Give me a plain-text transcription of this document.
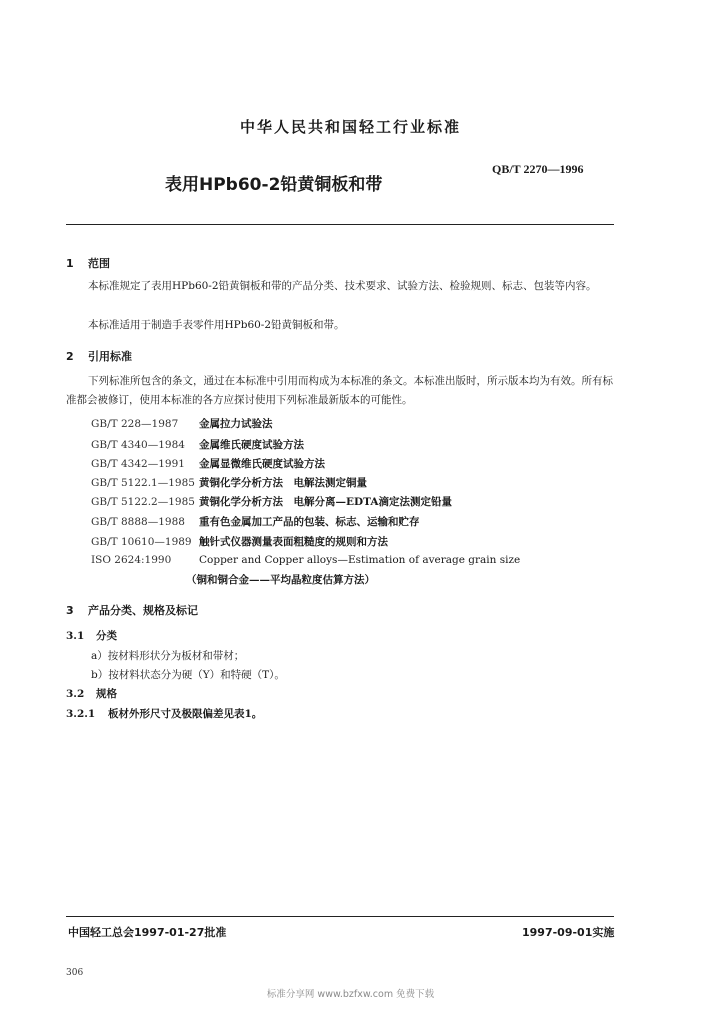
中华人民共和国轻工行业标准
表用HPb60-2铅黄铜板和带
QB/T 2270—1996
1 范围
本标准规定了表用HPb60-2铅黄铜板和带的产品分类、技术要求、试验方法、检验规则、标志、包装等内容。
本标准适用于制造手表零件用HPb60-2铅黄铜板和带。
2 引用标准
下列标准所包含的条文，通过在本标准中引用而构成为本标准的条文。本标准出版时，所示版本均为有效。所有标准都会被修订，使用本标准的各方应探讨使用下列标准最新版本的可能性。
GB/T 228—1987 金属拉力试验法
GB/T 4340—1984 金属维氏硬度试验方法
GB/T 4342—1991 金属显微维氏硬度试验方法
GB/T 5122.1—1985 黄铜化学分析方法　电解法测定铜量
GB/T 5122.2—1985 黄铜化学分析方法　电解分离—EDTA滴定法测定铅量
GB/T 8888—1988 重有色金属加工产品的包装、标志、运输和贮存
GB/T 10610—1989 触针式仪器测量表面粗糙度的规则和方法
ISO 2624:1990	Copper and Copper alloys—Estimation of average grain size
（铜和铜合金——平均晶粒度估算方法）
3 产品分类、规格及标记
3.1 分类
a）按材料形状分为板材和带材；
b）按材料状态分为硬（Y）和特硬（T）。
3.2 规格
3.2.1 板材外形尺寸及极限偏差见表1。
中国轻工总会1997-01-27批准	1997-09-01实施
306
标准分享网 www.bzfxw.com 免费下载
